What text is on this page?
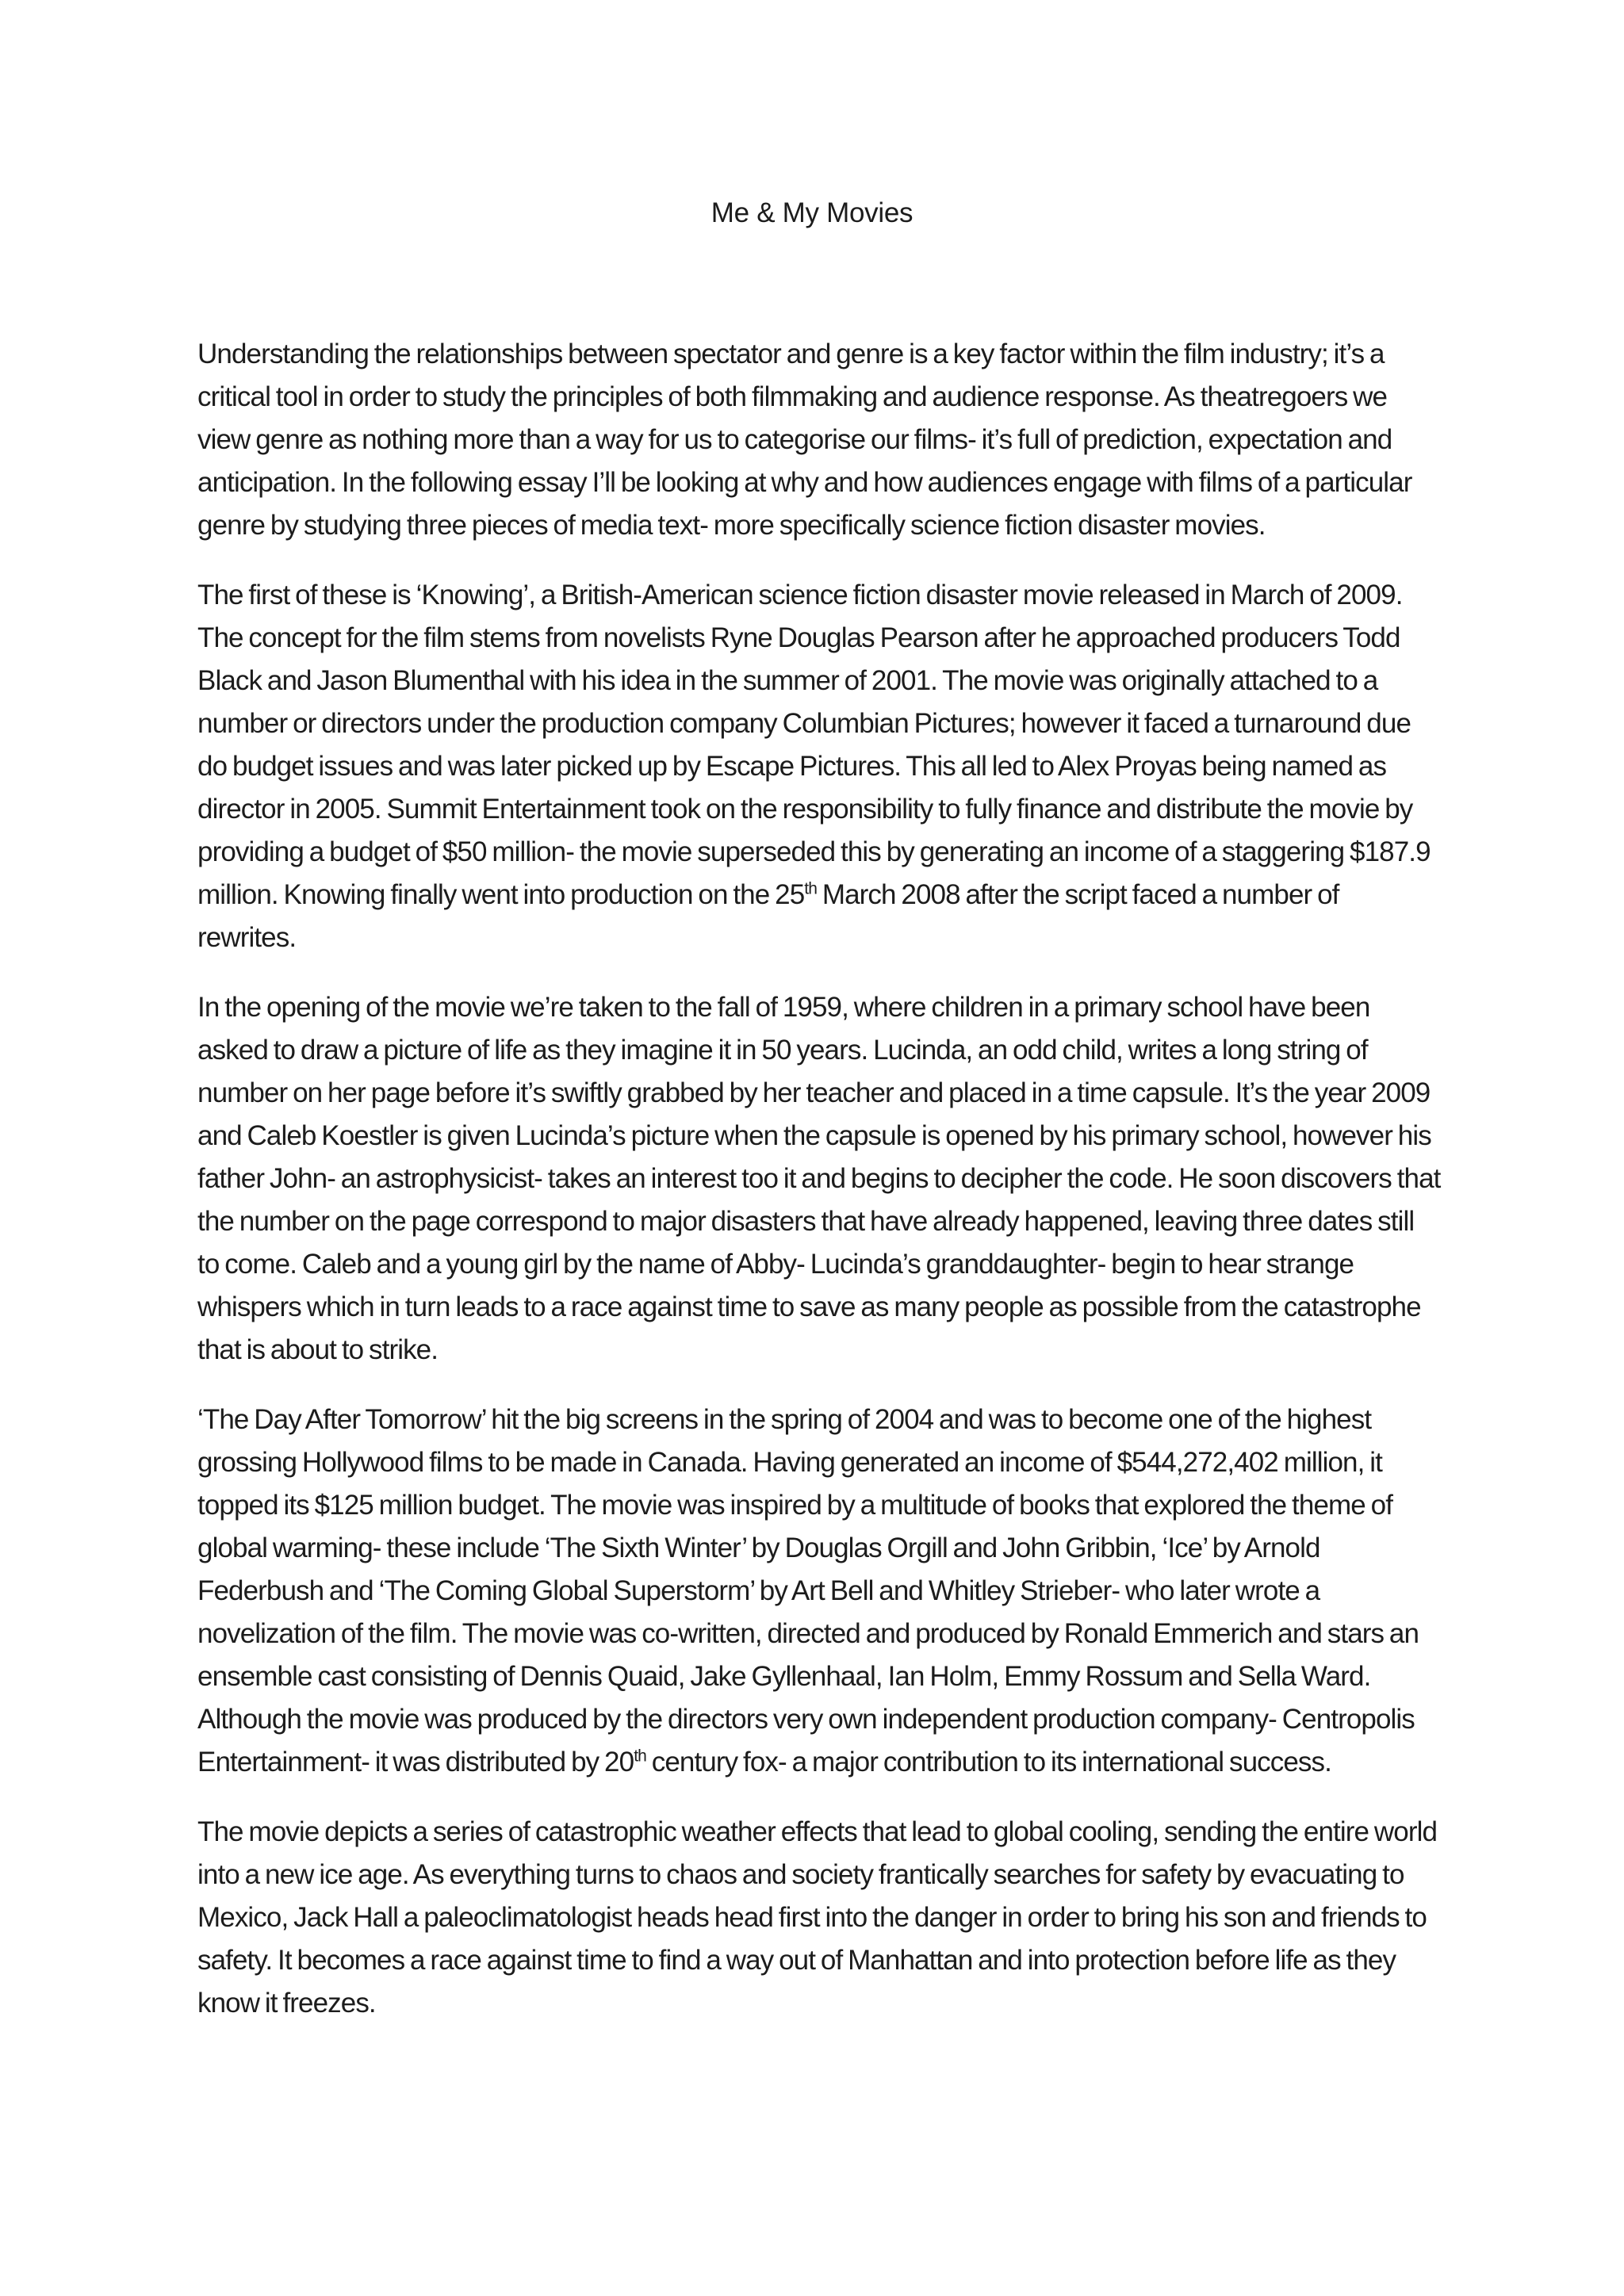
Me & My Movies

Understanding the relationships between spectator and genre is a key factor within the film industry; it’s a critical tool in order to study the principles of both filmmaking and audience response. As theatregoers we view genre as nothing more than a way for us to categorise our films- it’s full of prediction, expectation and anticipation. In the following essay I’ll be looking at why and how audiences engage with films of a particular genre by studying three pieces of media text- more specifically science fiction disaster movies.

The first of these is ‘Knowing’, a British-American science fiction disaster movie released in March of 2009. The concept for the film stems from novelists Ryne Douglas Pearson after he approached producers Todd Black and Jason Blumenthal with his idea in the summer of 2001. The movie was originally attached to a number or directors under the production company Columbian Pictures; however it faced a turnaround due do budget issues and was later picked up by Escape Pictures. This all led to Alex Proyas being named as director in 2005. Summit Entertainment took on the responsibility to fully finance and distribute the movie by providing a budget of $50 million- the movie superseded this by generating an income of a staggering $187.9 million. Knowing finally went into production on the 25th March 2008 after the script faced a number of rewrites.

In the opening of the movie we’re taken to the fall of 1959, where children in a primary school have been asked to draw a picture of life as they imagine it in 50 years. Lucinda, an odd child, writes a long string of number on her page before it’s swiftly grabbed by her teacher and placed in a time capsule. It’s the year 2009 and Caleb Koestler is given Lucinda’s picture when the capsule is opened by his primary school, however his father John- an astrophysicist- takes an interest too it and begins to decipher the code. He soon discovers that the number on the page correspond to major disasters that have already happened, leaving three dates still to come. Caleb and a young girl by the name of Abby- Lucinda’s granddaughter- begin to hear strange whispers which in turn leads to a race against time to save as many people as possible from the catastrophe that is about to strike.

‘The Day After Tomorrow’ hit the big screens in the spring of 2004 and was to become one of the highest grossing Hollywood films to be made in Canada. Having generated an income of $544,272,402 million, it topped its $125 million budget. The movie was inspired by a multitude of books that explored the theme of global warming- these include ‘The Sixth Winter’ by Douglas Orgill and John Gribbin, ‘Ice’ by Arnold Federbush and ‘The Coming Global Superstorm’ by Art Bell and Whitley Strieber- who later wrote a novelization of the film. The movie was co-written, directed and produced by Ronald Emmerich and stars an ensemble cast consisting of Dennis Quaid, Jake Gyllenhaal, Ian Holm, Emmy Rossum and Sella Ward. Although the movie was produced by the directors very own independent production company- Centropolis Entertainment- it was distributed by 20th century fox- a major contribution to its international success.

The movie depicts a series of catastrophic weather effects that lead to global cooling, sending the entire world into a new ice age. As everything turns to chaos and society frantically searches for safety by evacuating to Mexico, Jack Hall a paleoclimatologist heads head first into the danger in order to bring his son and friends to safety. It becomes a race against time to find a way out of Manhattan and into protection before life as they know it freezes.
